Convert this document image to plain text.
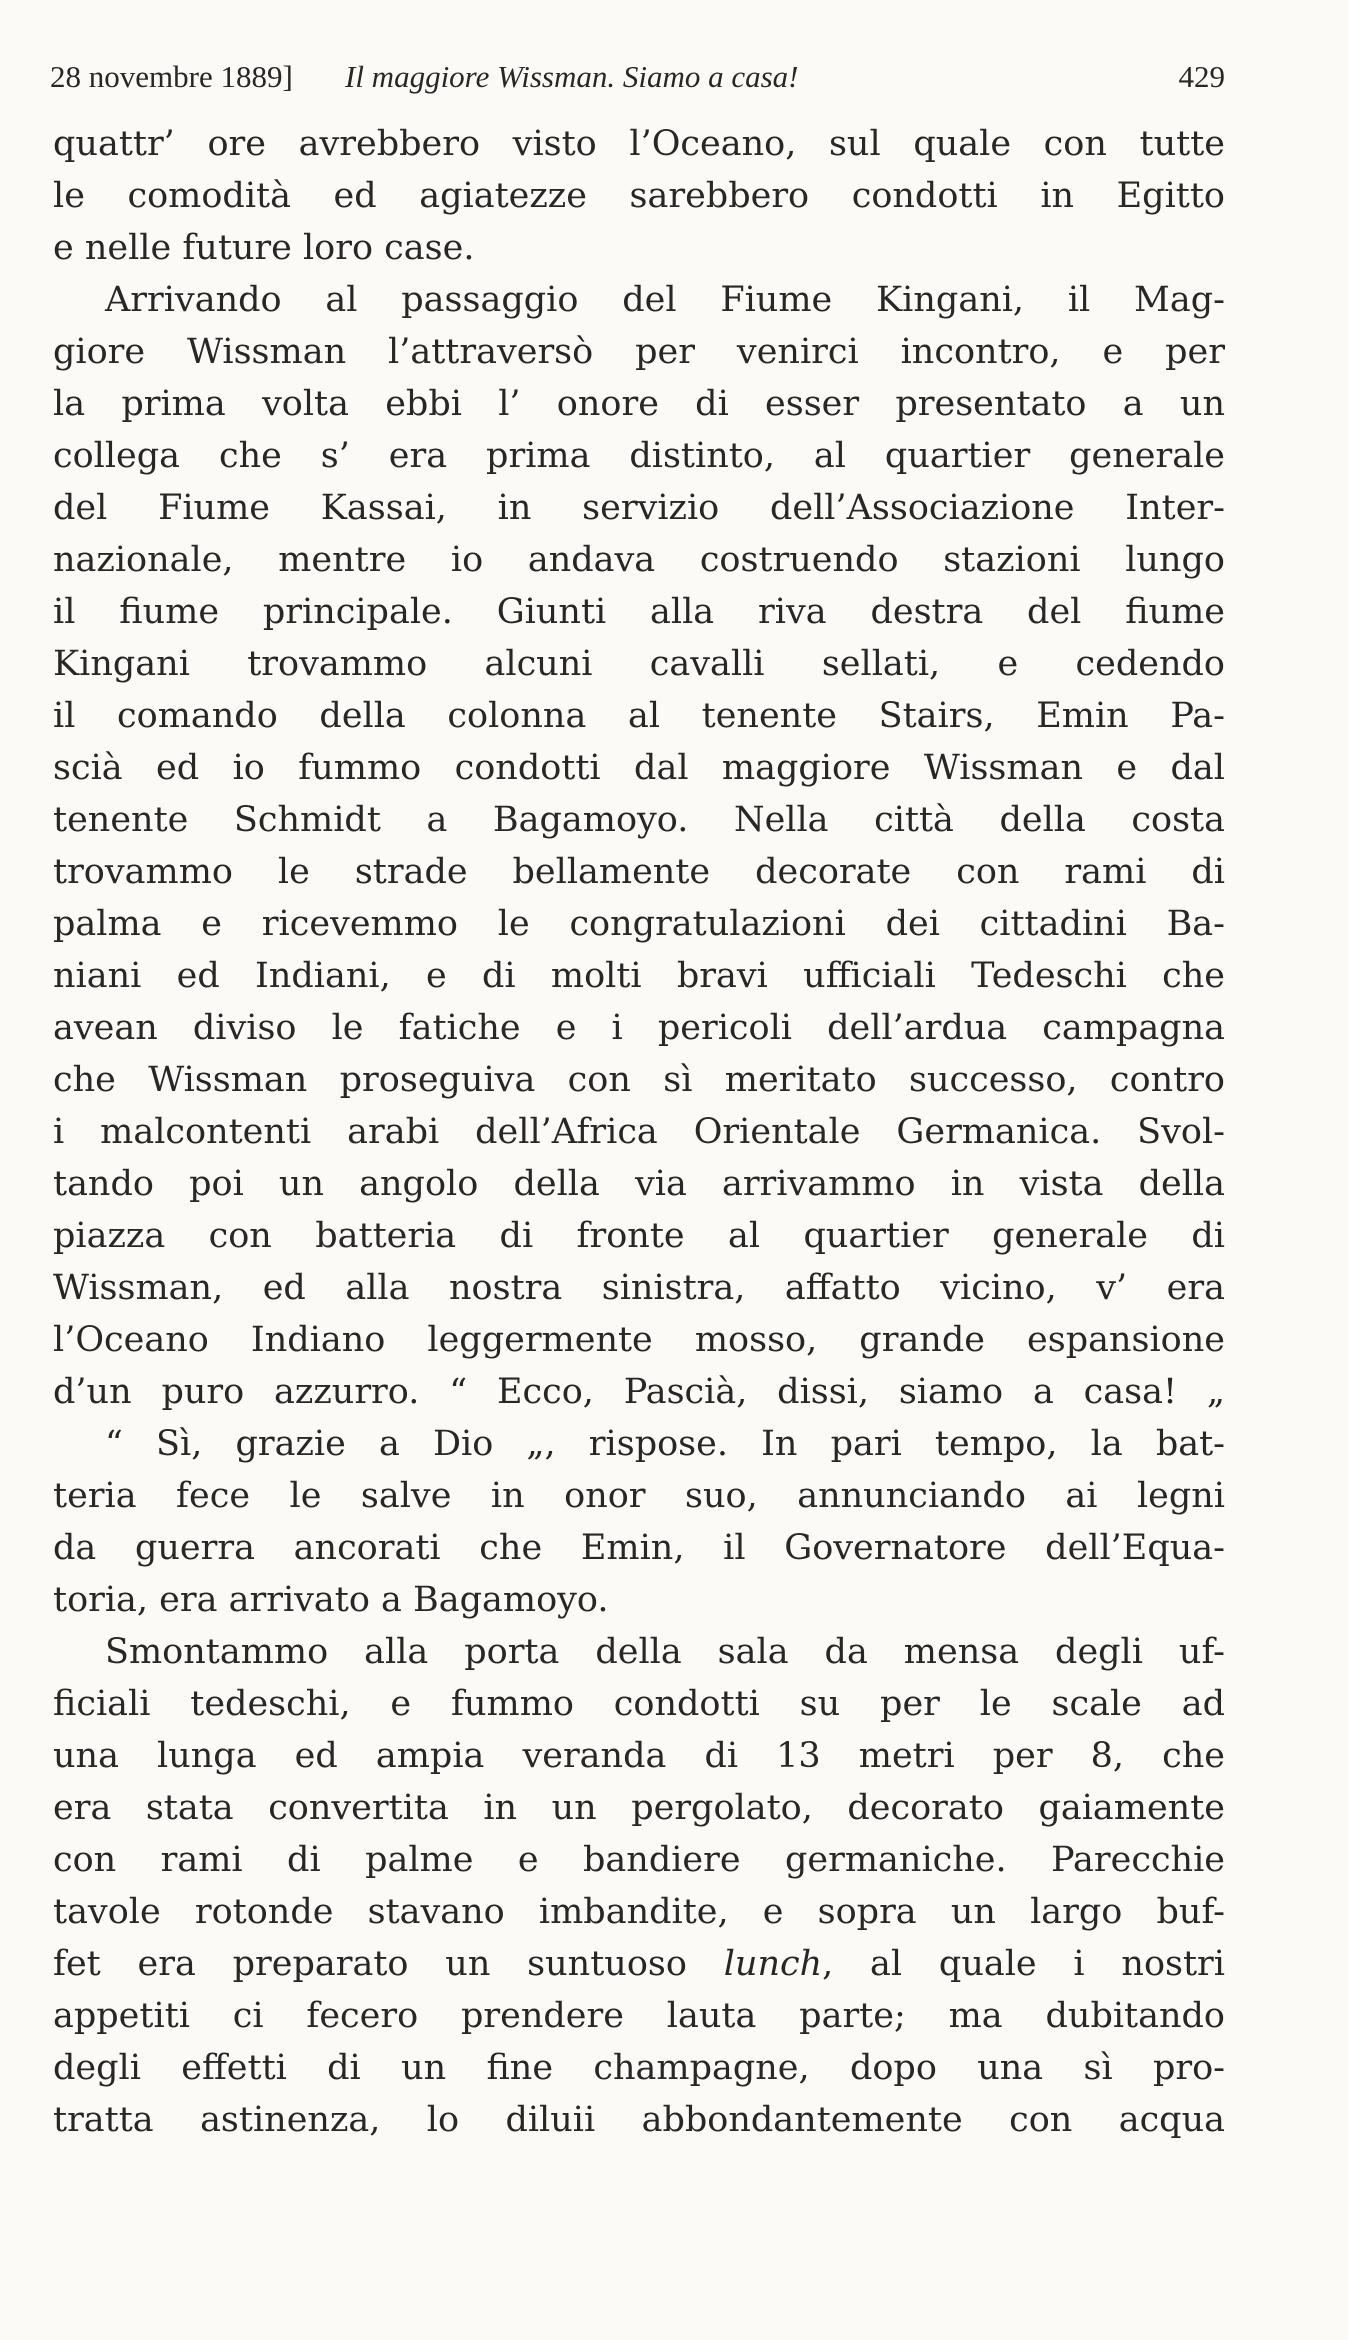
28 novembre 1889] Il maggiore Wissman. Siamo a casa!	429
quattr’ ore avrebbero visto l’Oceano, sul quale con tutte
le comodità ed agiatezze sarebbero condotti in Egitto
e nelle future loro case.
Arrivando al passaggio del Fiume Kingani, il Mag-
giore Wissman l’attraversò per venirci incontro, e per
la prima volta ebbi l’ onore di esser presentato a un
collega che s’ era prima distinto, al quartier generale
del Fiume Kassai, in servizio dell’Associazione Inter-
nazionale, mentre io andava costruendo stazioni lungo
il fiume principale. Giunti alla riva destra del fiume
Kingani trovammo alcuni cavalli sellati, e cedendo
il comando della colonna al tenente Stairs, Emin Pa-
scià ed io fummo condotti dal maggiore Wissman e dal
tenente Schmidt a Bagamoyo. Nella città della costa
trovammo le strade bellamente decorate con rami di
palma e ricevemmo le congratulazioni dei cittadini Ba-
niani ed Indiani, e di molti bravi ufficiali Tedeschi che
avean diviso le fatiche e i pericoli dell’ardua campagna
che Wissman proseguiva con sì meritato successo, contro
i malcontenti arabi dell’Africa Orientale Germanica. Svol-
tando poi un angolo della via arrivammo in vista della
piazza con batteria di fronte al quartier generale di
Wissman, ed alla nostra sinistra, affatto vicino, v’ era
l’Oceano Indiano leggermente mosso, grande espansione
d’un puro azzurro. “ Ecco, Pascià, dissi, siamo a casa! „
“ Sì, grazie a Dio „, rispose. In pari tempo, la bat-
teria fece le salve in onor suo, annunciando ai legni
da guerra ancorati che Emin, il Governatore dell’Equa-
toria, era arrivato a Bagamoyo.
Smontammo alla porta della sala da mensa degli uf-
ficiali tedeschi, e fummo condotti su per le scale ad
una lunga ed ampia veranda di 13 metri per 8, che
era stata convertita in un pergolato, decorato gaiamente
con rami di palme e bandiere germaniche. Parecchie
tavole rotonde stavano imbandite, e sopra un largo buf-
fet era preparato un suntuoso lunch, al quale i nostri
appetiti ci fecero prendere lauta parte; ma dubitando
degli effetti di un fine champagne, dopo una sì pro-
tratta astinenza, lo diluii abbondantemente con acqua
